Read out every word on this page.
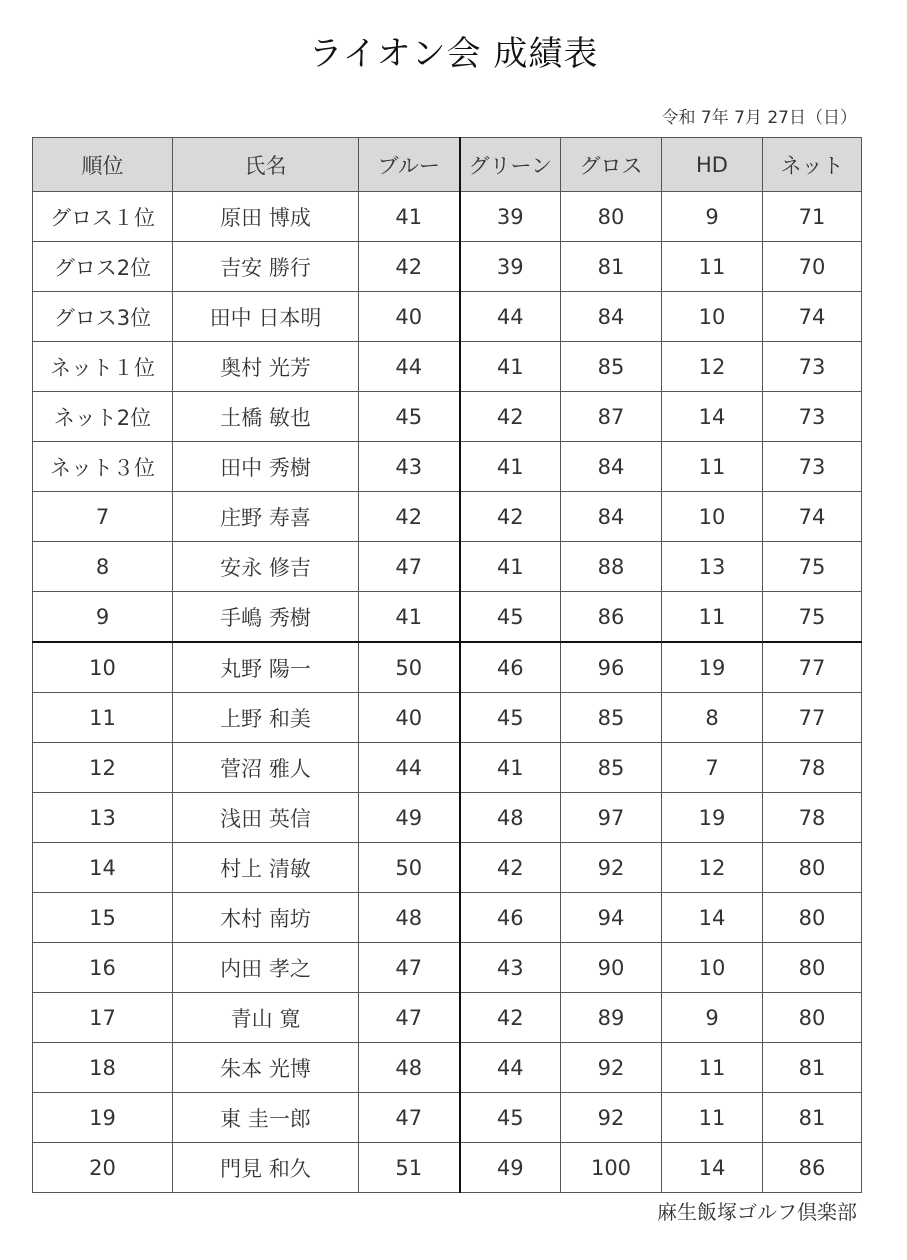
ライオン会 成績表
令和 7年 7月 27日（日）
順位	氏名	ブルー	グリーン	グロス	HD	ネット
グロス１位	原田 博成	41	39	80	9	71
グロス2位	吉安 勝行	42	39	81	11	70
グロス3位	田中 日本明	40	44	84	10	74
ネット１位	奥村 光芳	44	41	85	12	73
ネット2位	土橋 敏也	45	42	87	14	73
ネット３位	田中 秀樹	43	41	84	11	73
7	庄野 寿喜	42	42	84	10	74
8	安永 修吉	47	41	88	13	75
9	手嶋 秀樹	41	45	86	11	75
10	丸野 陽一	50	46	96	19	77
11	上野 和美	40	45	85	8	77
12	菅沼 雅人	44	41	85	7	78
13	浅田 英信	49	48	97	19	78
14	村上 清敏	50	42	92	12	80
15	木村 南坊	48	46	94	14	80
16	内田 孝之	47	43	90	10	80
17	青山 寛	47	42	89	9	80
18	朱本 光博	48	44	92	11	81
19	東 圭一郎	47	45	92	11	81
20	門見 和久	51	49	100	14	86
麻生飯塚ゴルフ倶楽部
